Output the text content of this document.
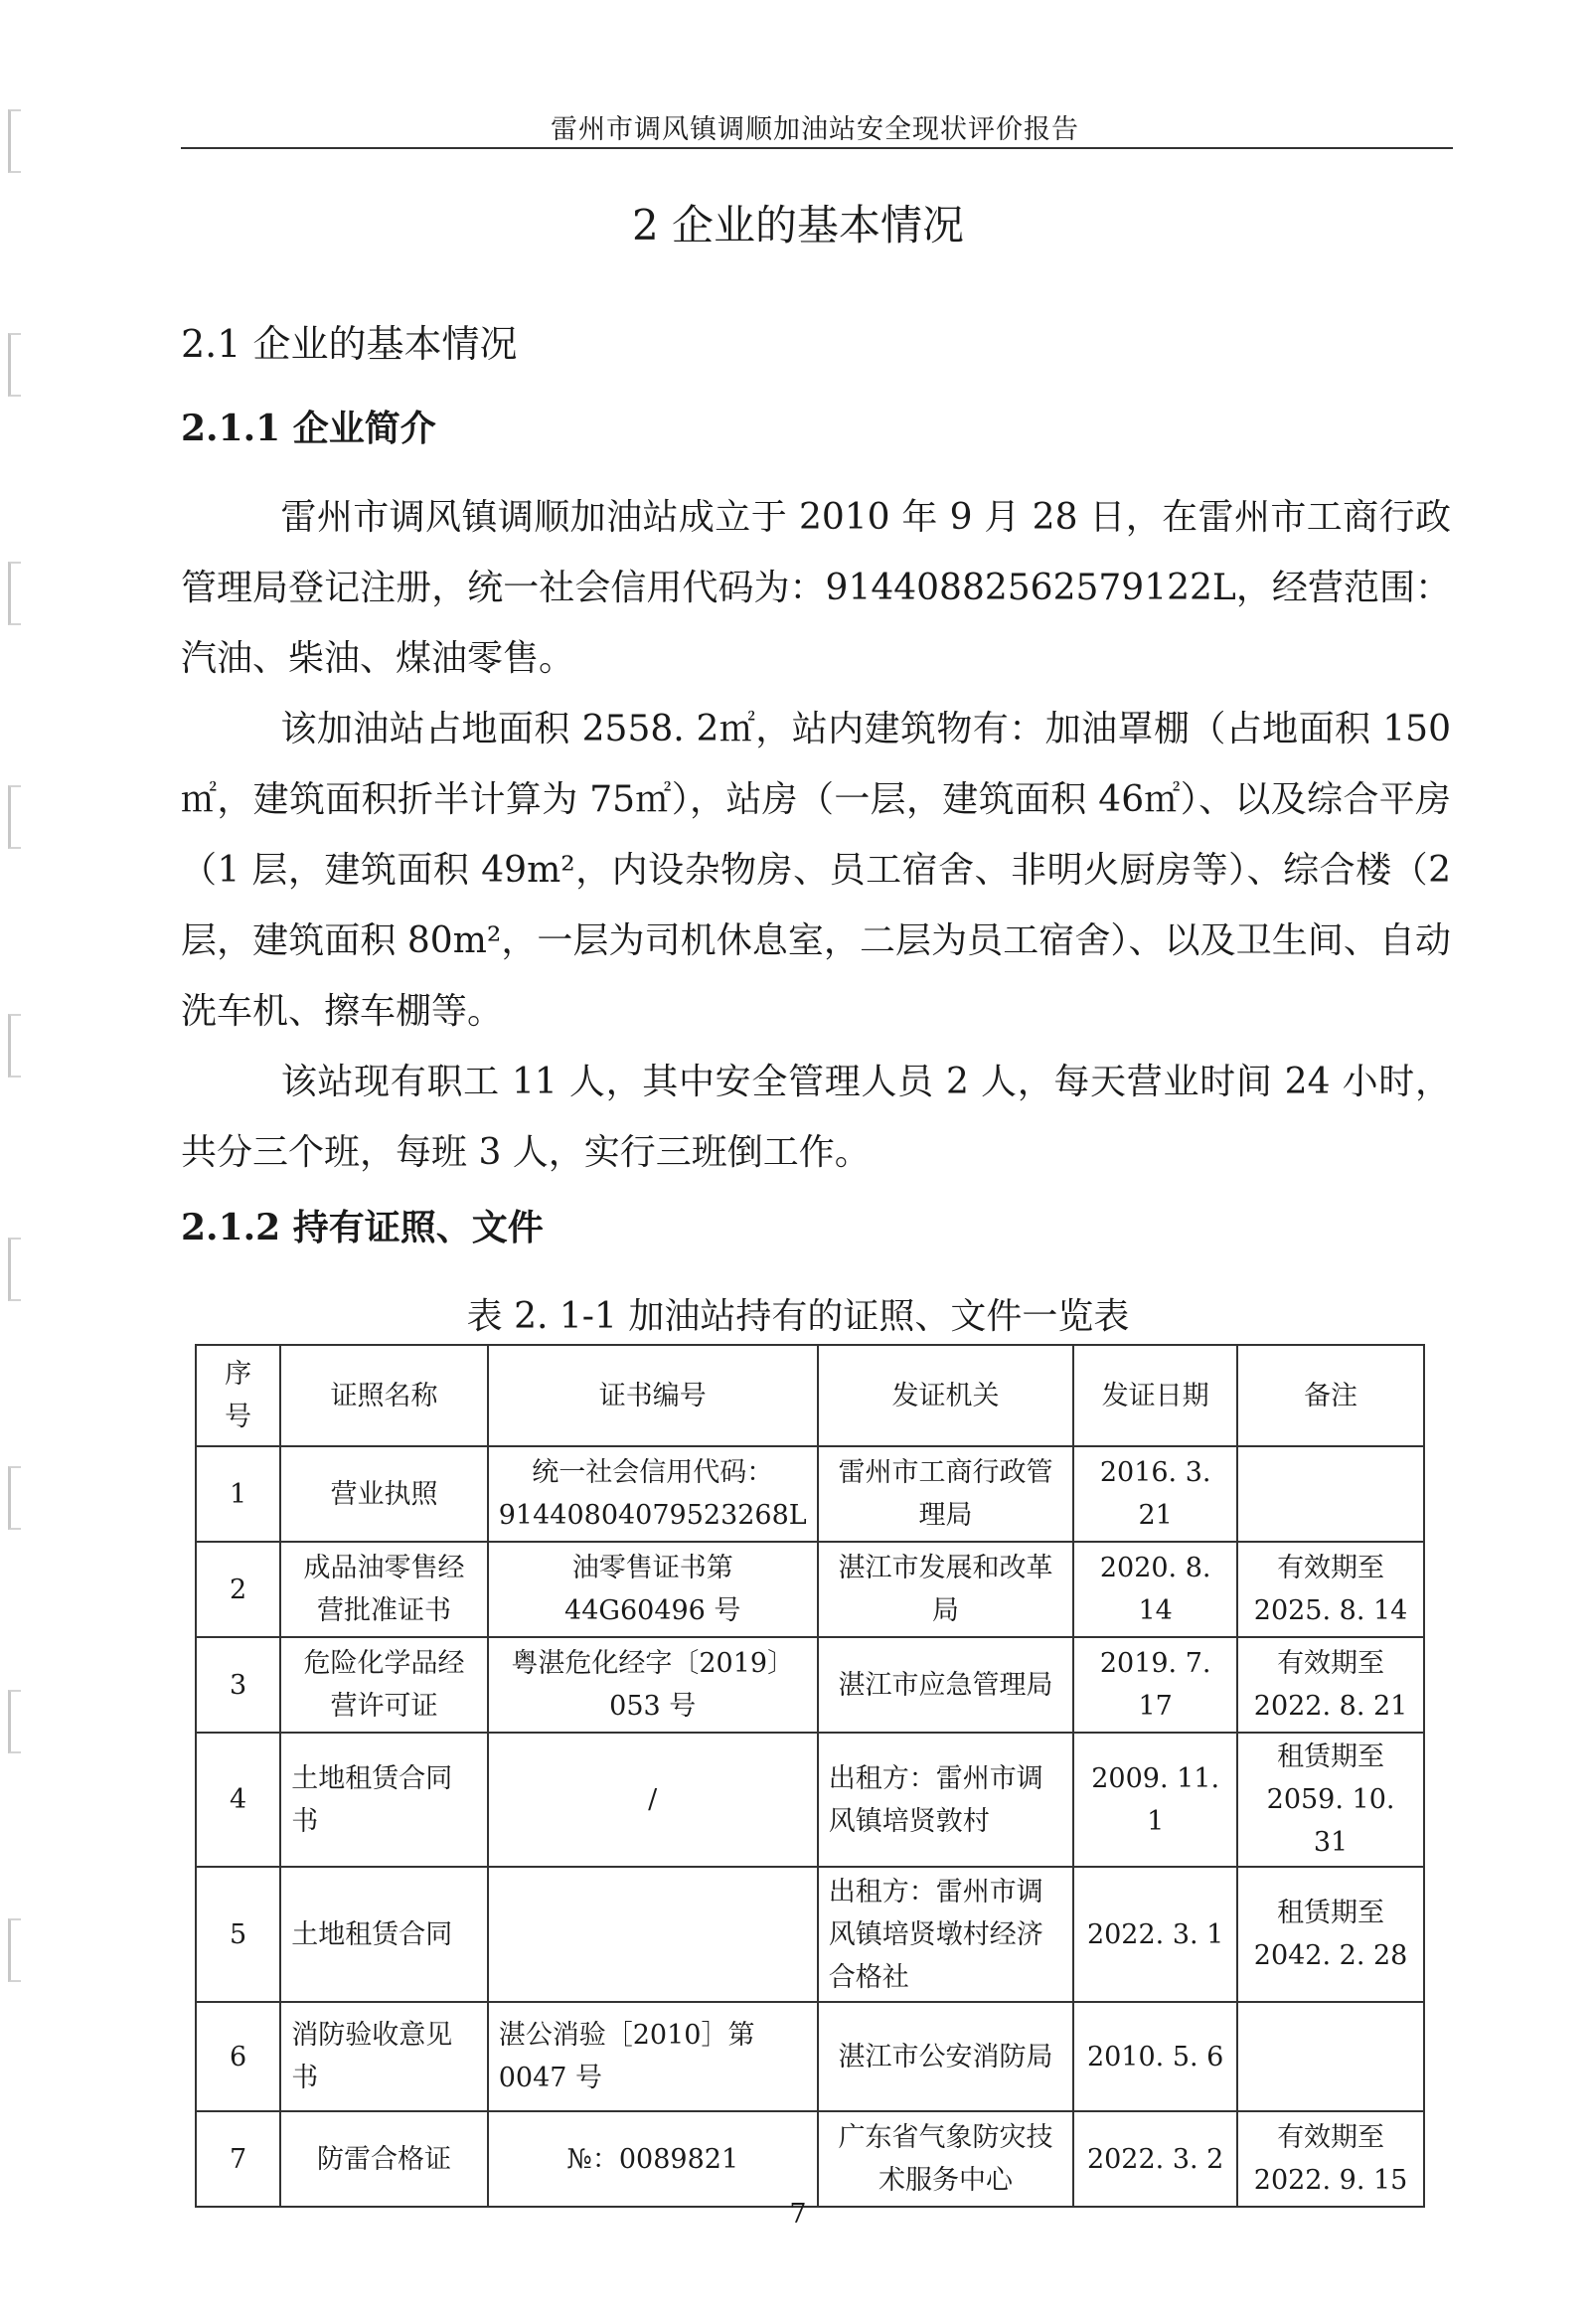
雷州市调风镇调顺加油站安全现状评价报告
2 企业的基本情况
2.1 企业的基本情况
2.1.1 企业简介

雷州市调风镇调顺加油站成立于 2010 年 9 月 28 日，在雷州市工商行政管理局登记注册，统一社会信用代码为：91440882562579122L，经营范围：汽油、柴油、煤油零售。

该加油站占地面积 2558. 2㎡，站内建筑物有：加油罩棚（占地面积 150 ㎡，建筑面积折半计算为 75㎡），站房（一层，建筑面积 46㎡）、以及综合平房（1 层，建筑面积 49m²，内设杂物房、员工宿舍、非明火厨房等）、综合楼（2 层，建筑面积 80m²，一层为司机休息室，二层为员工宿舍）、以及卫生间、自动洗车机、擦车棚等。

该站现有职工 11 人，其中安全管理人员 2 人，每天营业时间 24 小时，共分三个班，每班 3 人，实行三班倒工作。

2.1.2 持有证照、文件
表 2. 1-1 加油站持有的证照、文件一览表
序号	证照名称	证书编号	发证机关	发证日期	备注
1	营业执照	统一社会信用代码：91440804079523268L	雷州市工商行政管理局	2016. 3. 21	
2	成品油零售经营批准证书	油零售证书第 44G60496 号	湛江市发展和改革局	2020. 8. 14	有效期至 2025. 8. 14
3	危险化学品经营许可证	粤湛危化经字〔2019〕053 号	湛江市应急管理局	2019. 7. 17	有效期至 2022. 8. 21
4	土地租赁合同书	/	出租方：雷州市调风镇培贤敦村	2009. 11. 1	租赁期至 2059. 10. 31
5	土地租赁合同		出租方：雷州市调风镇培贤墩村经济合格社	2022. 3. 1	租赁期至 2042. 2. 28
6	消防验收意见书	湛公消验［2010］第 0047 号	湛江市公安消防局	2010. 5. 6	
7	防雷合格证	№：0089821	广东省气象防灾技术服务中心	2022. 3. 2	有效期至 2022. 9. 15
7
